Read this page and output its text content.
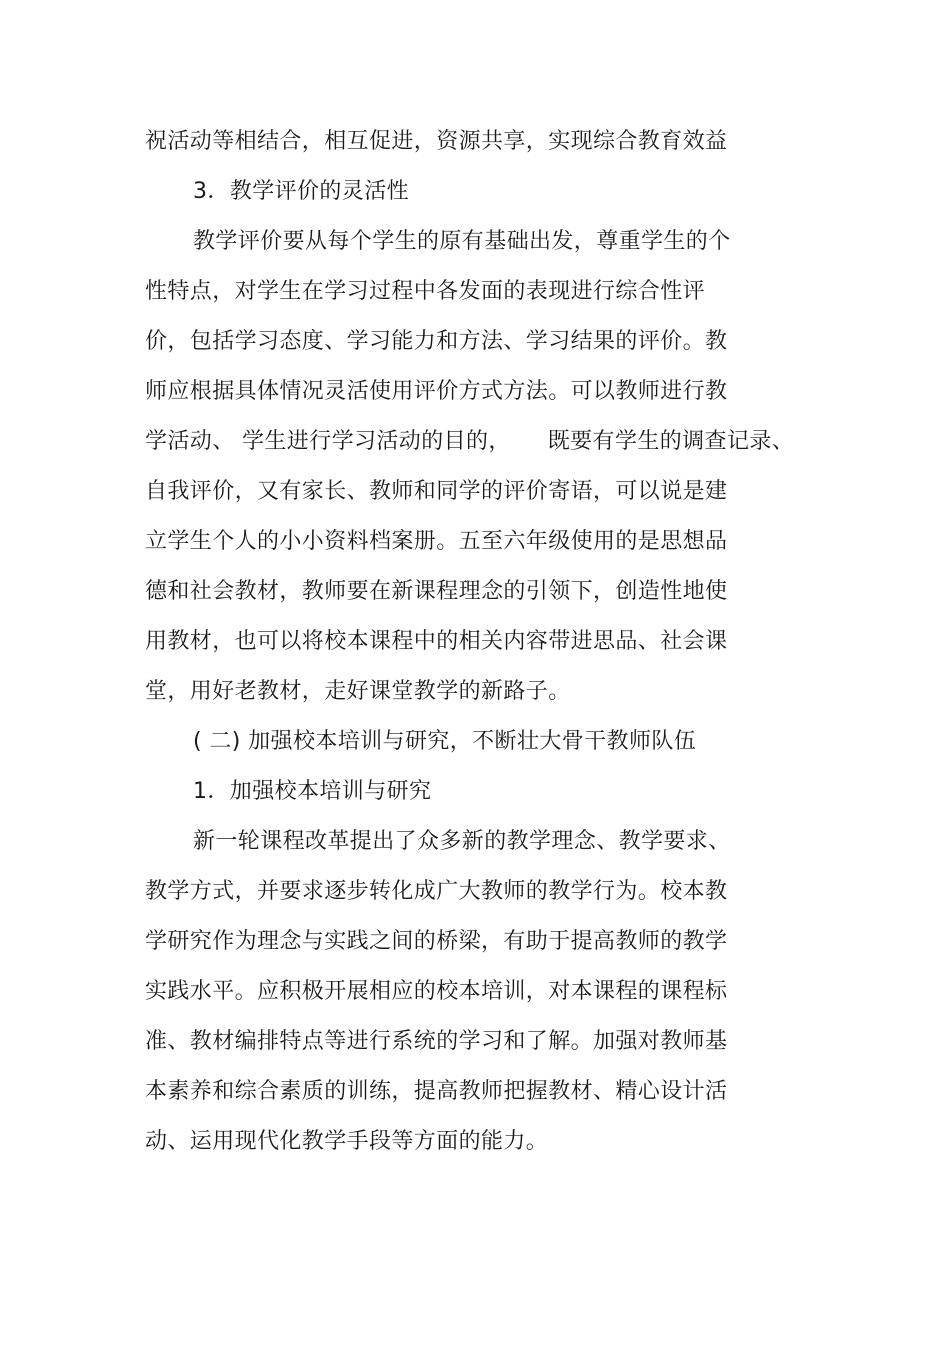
祝活动等相结合，相互促进，资源共享，实现综合教育效益
3．教学评价的灵活性
教学评价要从每个学生的原有基础出发，尊重学生的个
性特点，对学生在学习过程中各发面的表现进行综合性评
价，包括学习态度、学习能力和方法、学习结果的评价。教
师应根据具体情况灵活使用评价方式方法。可以教师进行教
学活动、 学生进行学习活动的目的，     既要有学生的调查记录、
自我评价，又有家长、教师和同学的评价寄语，可以说是建
立学生个人的小小资料档案册。五至六年级使用的是思想品
德和社会教材，教师要在新课程理念的引领下，创造性地使
用教材，也可以将校本课程中的相关内容带进思品、社会课
堂，用好老教材，走好课堂教学的新路子。
( 二) 加强校本培训与研究，不断壮大骨干教师队伍
1．加强校本培训与研究
新一轮课程改革提出了众多新的教学理念、教学要求、
教学方式，并要求逐步转化成广大教师的教学行为。校本教
学研究作为理念与实践之间的桥梁，有助于提高教师的教学
实践水平。应积极开展相应的校本培训，对本课程的课程标
准、教材编排特点等进行系统的学习和了解。加强对教师基
本素养和综合素质的训练，提高教师把握教材、精心设计活
动、运用现代化教学手段等方面的能力。
